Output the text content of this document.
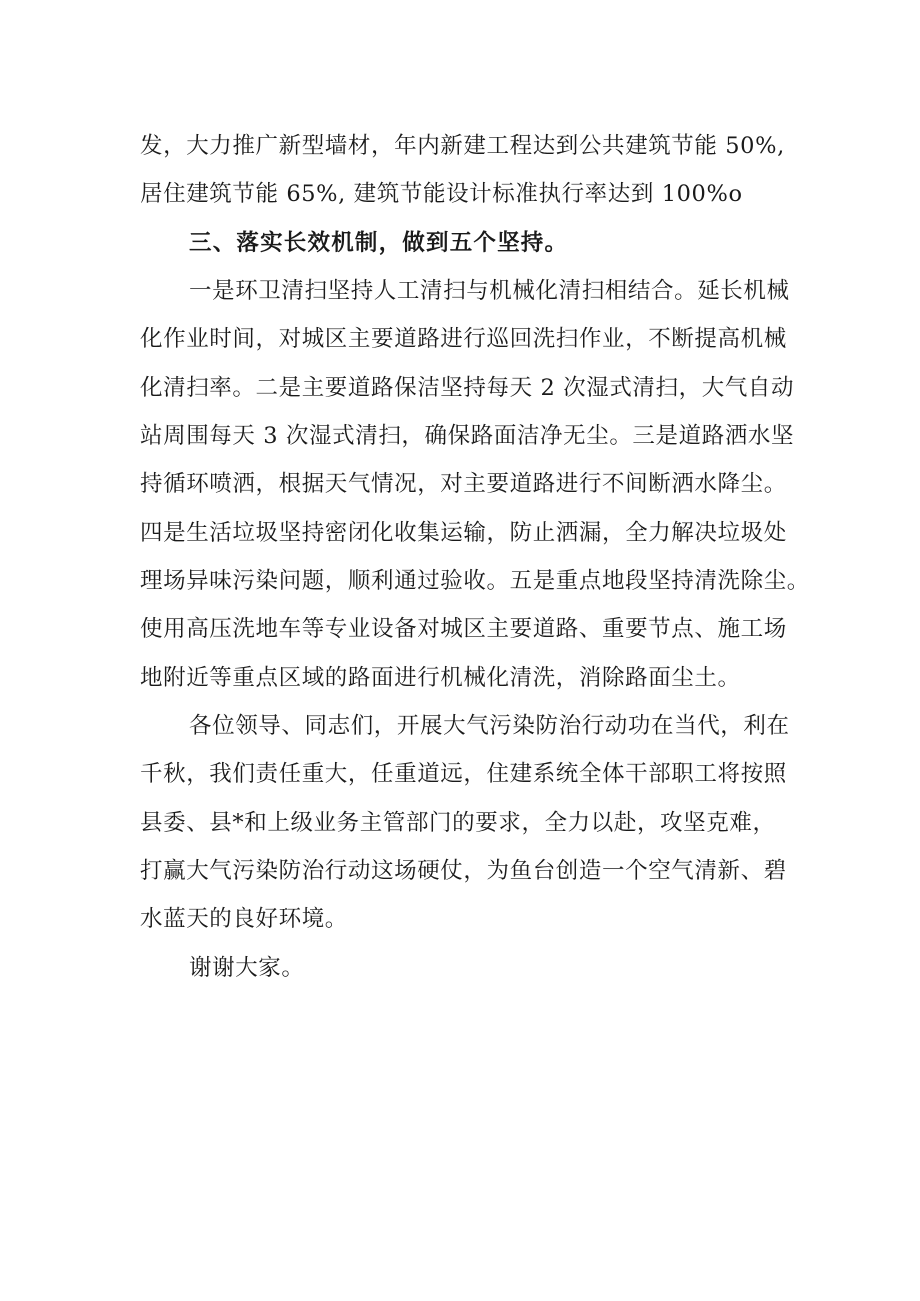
发，大力推广新型墙材，年内新建工程达到公共建筑节能 50%,
居住建筑节能 65%, 建筑节能设计标准执行率达到 100%o
三、落实长效机制，做到五个坚持。
一是环卫清扫坚持人工清扫与机械化清扫相结合。延长机械
化作业时间，对城区主要道路进行巡回洗扫作业，不断提高机械
化清扫率。二是主要道路保洁坚持每天 2 次湿式清扫，大气自动
站周围每天 3 次湿式清扫，确保路面洁净无尘。三是道路洒水坚
持循环喷洒，根据天气情况，对主要道路进行不间断洒水降尘。
四是生活垃圾坚持密闭化收集运输，防止洒漏，全力解决垃圾处
理场异味污染问题，顺利通过验收。五是重点地段坚持清洗除尘。
使用高压洗地车等专业设备对城区主要道路、重要节点、施工场
地附近等重点区域的路面进行机械化清洗，消除路面尘土。
各位领导、同志们，开展大气污染防治行动功在当代，利在
千秋，我们责任重大，任重道远，住建系统全体干部职工将按照
县委、县*和上级业务主管部门的要求，全力以赴，攻坚克难，
打赢大气污染防治行动这场硬仗，为鱼台创造一个空气清新、碧
水蓝天的良好环境。
谢谢大家。
